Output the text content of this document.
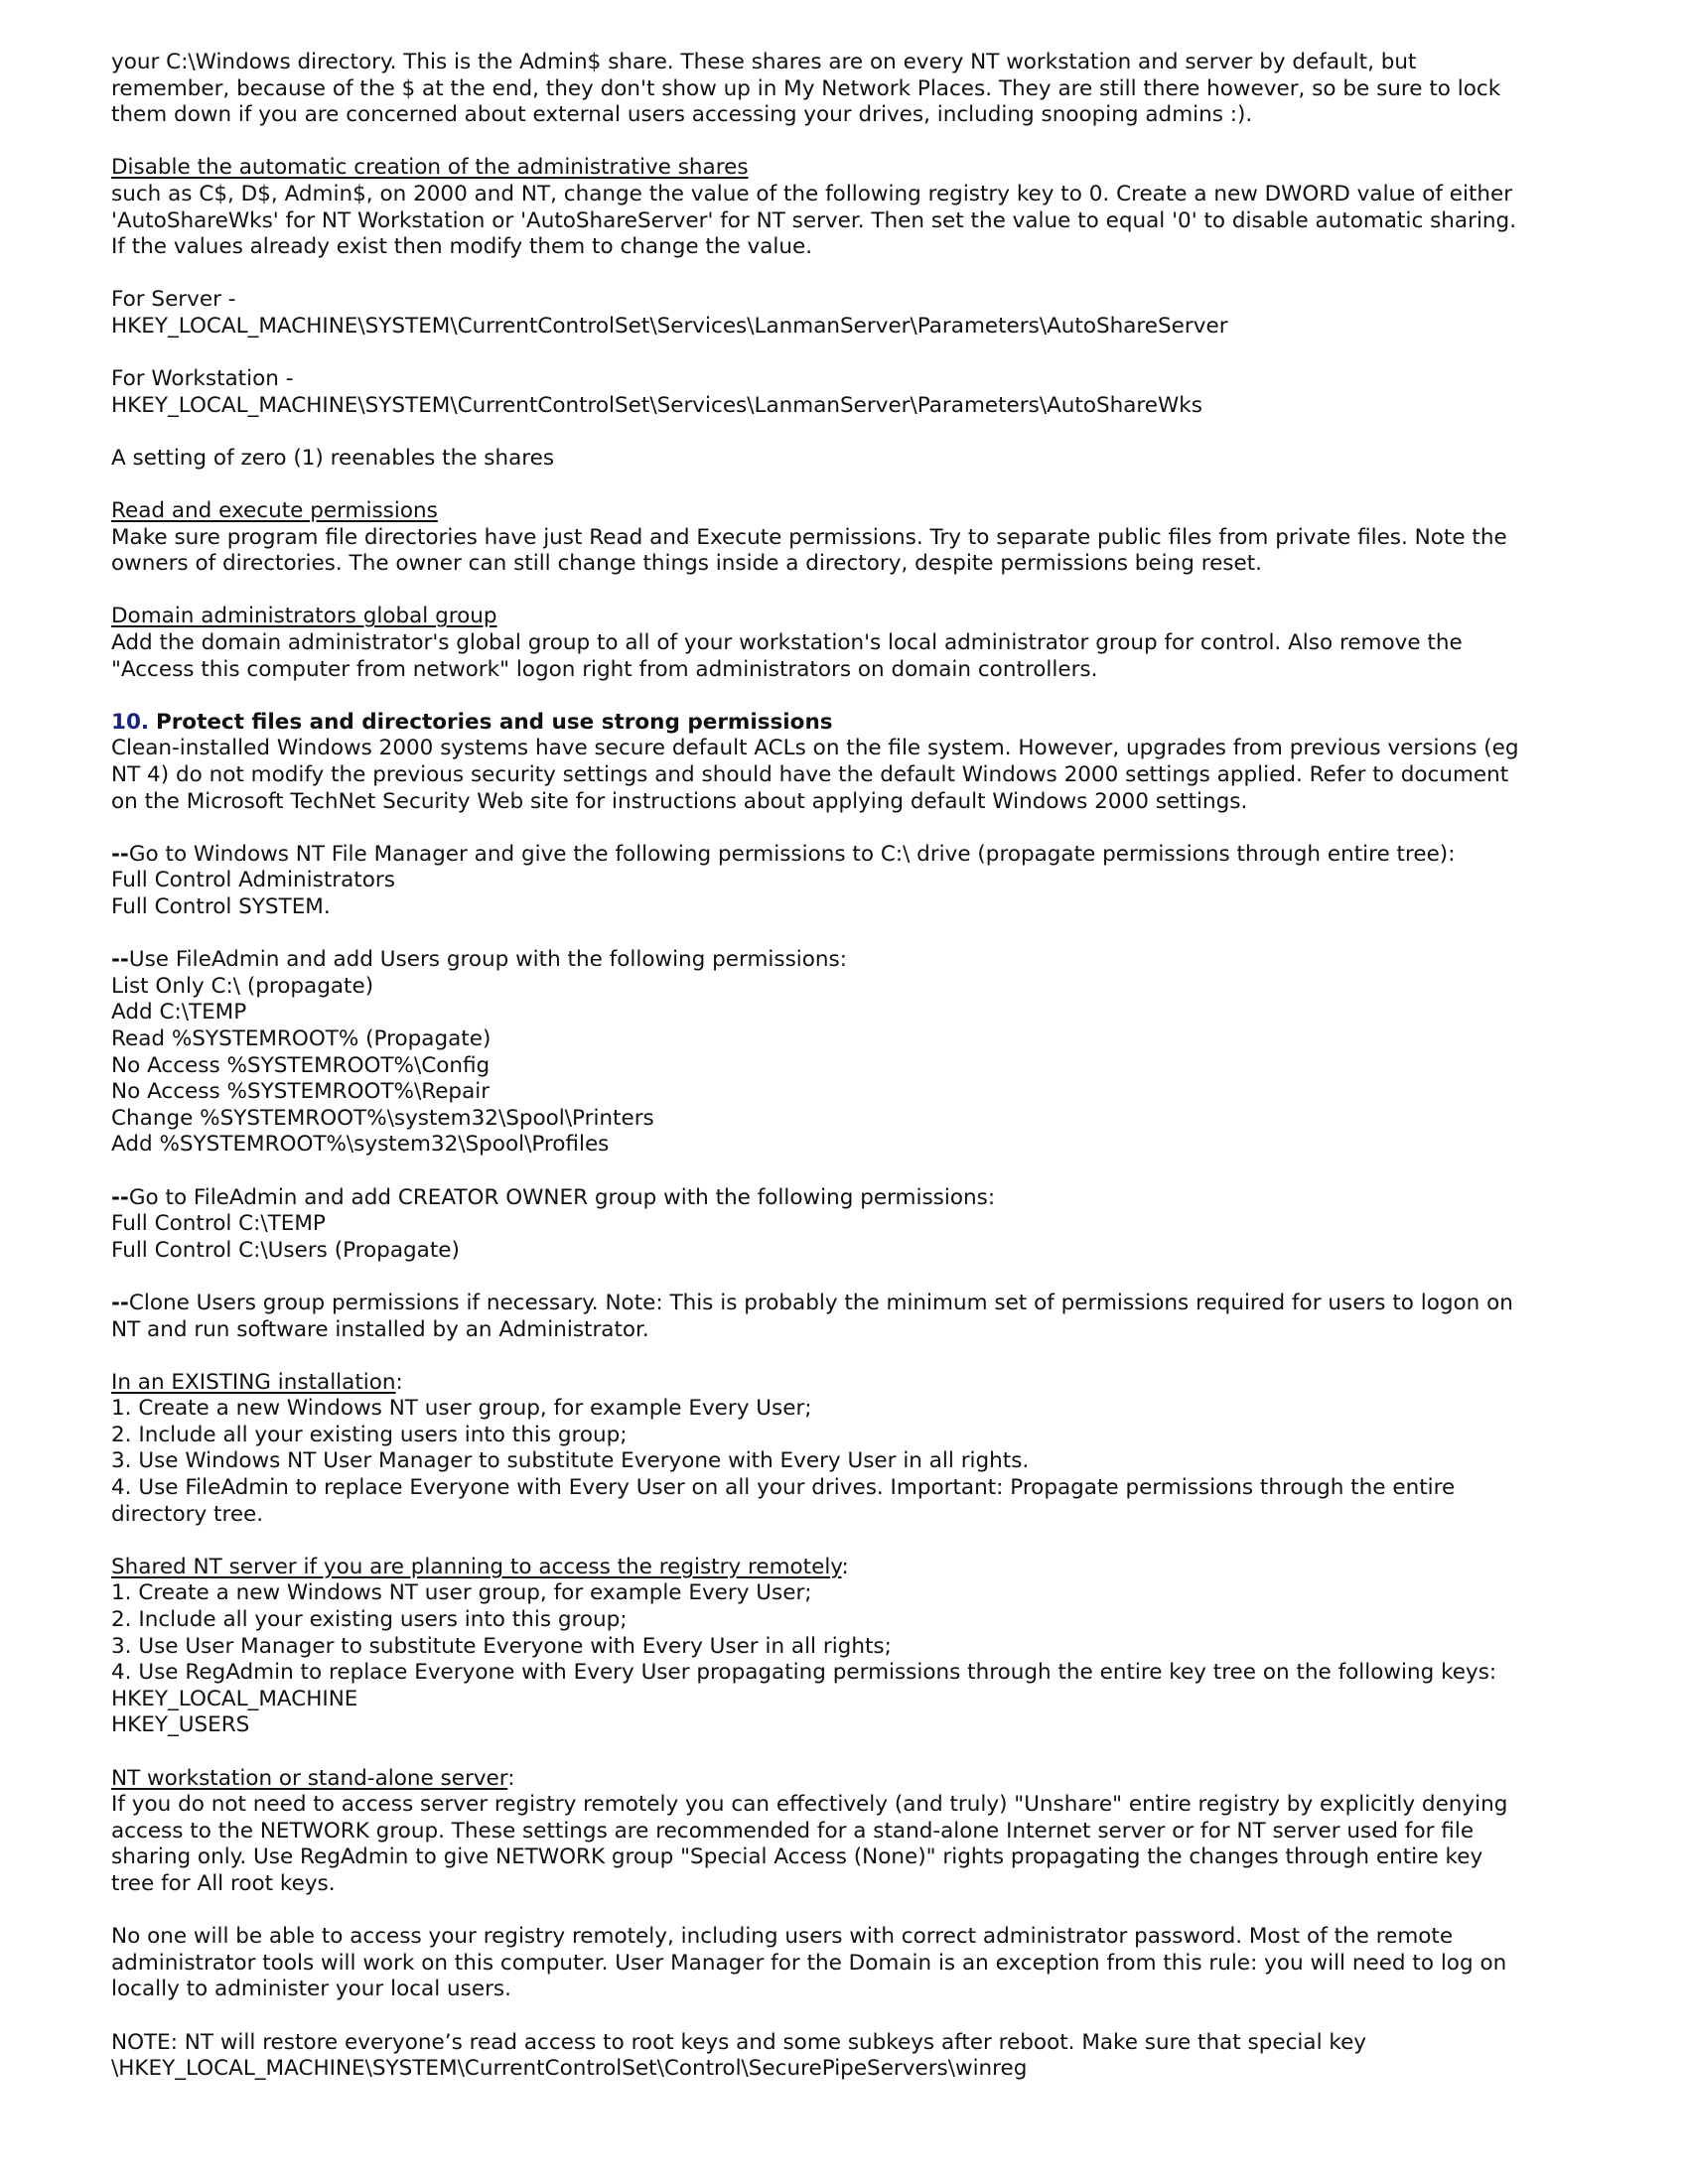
your C:\Windows directory. This is the Admin$ share. These shares are on every NT workstation and server by default, but
remember, because of the $ at the end, they don't show up in My Network Places. They are still there however, so be sure to lock
them down if you are concerned about external users accessing your drives, including snooping admins :).
Disable the automatic creation of the administrative shares
such as C$, D$, Admin$, on 2000 and NT, change the value of the following registry key to 0. Create a new DWORD value of either
'AutoShareWks' for NT Workstation or 'AutoShareServer' for NT server. Then set the value to equal '0' to disable automatic sharing.
If the values already exist then modify them to change the value.
For Server -
HKEY_LOCAL_MACHINE\SYSTEM\CurrentControlSet\Services\LanmanServer\Parameters\AutoShareServer
For Workstation -
HKEY_LOCAL_MACHINE\SYSTEM\CurrentControlSet\Services\LanmanServer\Parameters\AutoShareWks
A setting of zero (1) reenables the shares
Read and execute permissions
Make sure program file directories have just Read and Execute permissions. Try to separate public files from private files. Note the
owners of directories. The owner can still change things inside a directory, despite permissions being reset.
Domain administrators global group
Add the domain administrator's global group to all of your workstation's local administrator group for control. Also remove the
"Access this computer from network" logon right from administrators on domain controllers.
10. Protect files and directories and use strong permissions
Clean-installed Windows 2000 systems have secure default ACLs on the file system. However, upgrades from previous versions (eg
NT 4) do not modify the previous security settings and should have the default Windows 2000 settings applied. Refer to document
on the Microsoft TechNet Security Web site for instructions about applying default Windows 2000 settings.
--Go to Windows NT File Manager and give the following permissions to C:\ drive (propagate permissions through entire tree):
Full Control Administrators
Full Control SYSTEM.
--Use FileAdmin and add Users group with the following permissions:
List Only C:\ (propagate)
Add C:\TEMP
Read %SYSTEMROOT% (Propagate)
No Access %SYSTEMROOT%\Config
No Access %SYSTEMROOT%\Repair
Change %SYSTEMROOT%\system32\Spool\Printers
Add %SYSTEMROOT%\system32\Spool\Profiles
--Go to FileAdmin and add CREATOR OWNER group with the following permissions:
Full Control C:\TEMP
Full Control C:\Users (Propagate)
--Clone Users group permissions if necessary. Note: This is probably the minimum set of permissions required for users to logon on
NT and run software installed by an Administrator.
In an EXISTING installation:
1. Create a new Windows NT user group, for example Every User;
2. Include all your existing users into this group;
3. Use Windows NT User Manager to substitute Everyone with Every User in all rights.
4. Use FileAdmin to replace Everyone with Every User on all your drives. Important: Propagate permissions through the entire
directory tree.
Shared NT server if you are planning to access the registry remotely:
1. Create a new Windows NT user group, for example Every User;
2. Include all your existing users into this group;
3. Use User Manager to substitute Everyone with Every User in all rights;
4. Use RegAdmin to replace Everyone with Every User propagating permissions through the entire key tree on the following keys:
HKEY_LOCAL_MACHINE
HKEY_USERS
NT workstation or stand-alone server:
If you do not need to access server registry remotely you can effectively (and truly) "Unshare" entire registry by explicitly denying
access to the NETWORK group. These settings are recommended for a stand-alone Internet server or for NT server used for file
sharing only. Use RegAdmin to give NETWORK group "Special Access (None)" rights propagating the changes through entire key
tree for All root keys.
No one will be able to access your registry remotely, including users with correct administrator password. Most of the remote
administrator tools will work on this computer. User Manager for the Domain is an exception from this rule: you will need to log on
locally to administer your local users.
NOTE: NT will restore everyone’s read access to root keys and some subkeys after reboot. Make sure that special key
\HKEY_LOCAL_MACHINE\SYSTEM\CurrentControlSet\Control\SecurePipeServers\winreg
